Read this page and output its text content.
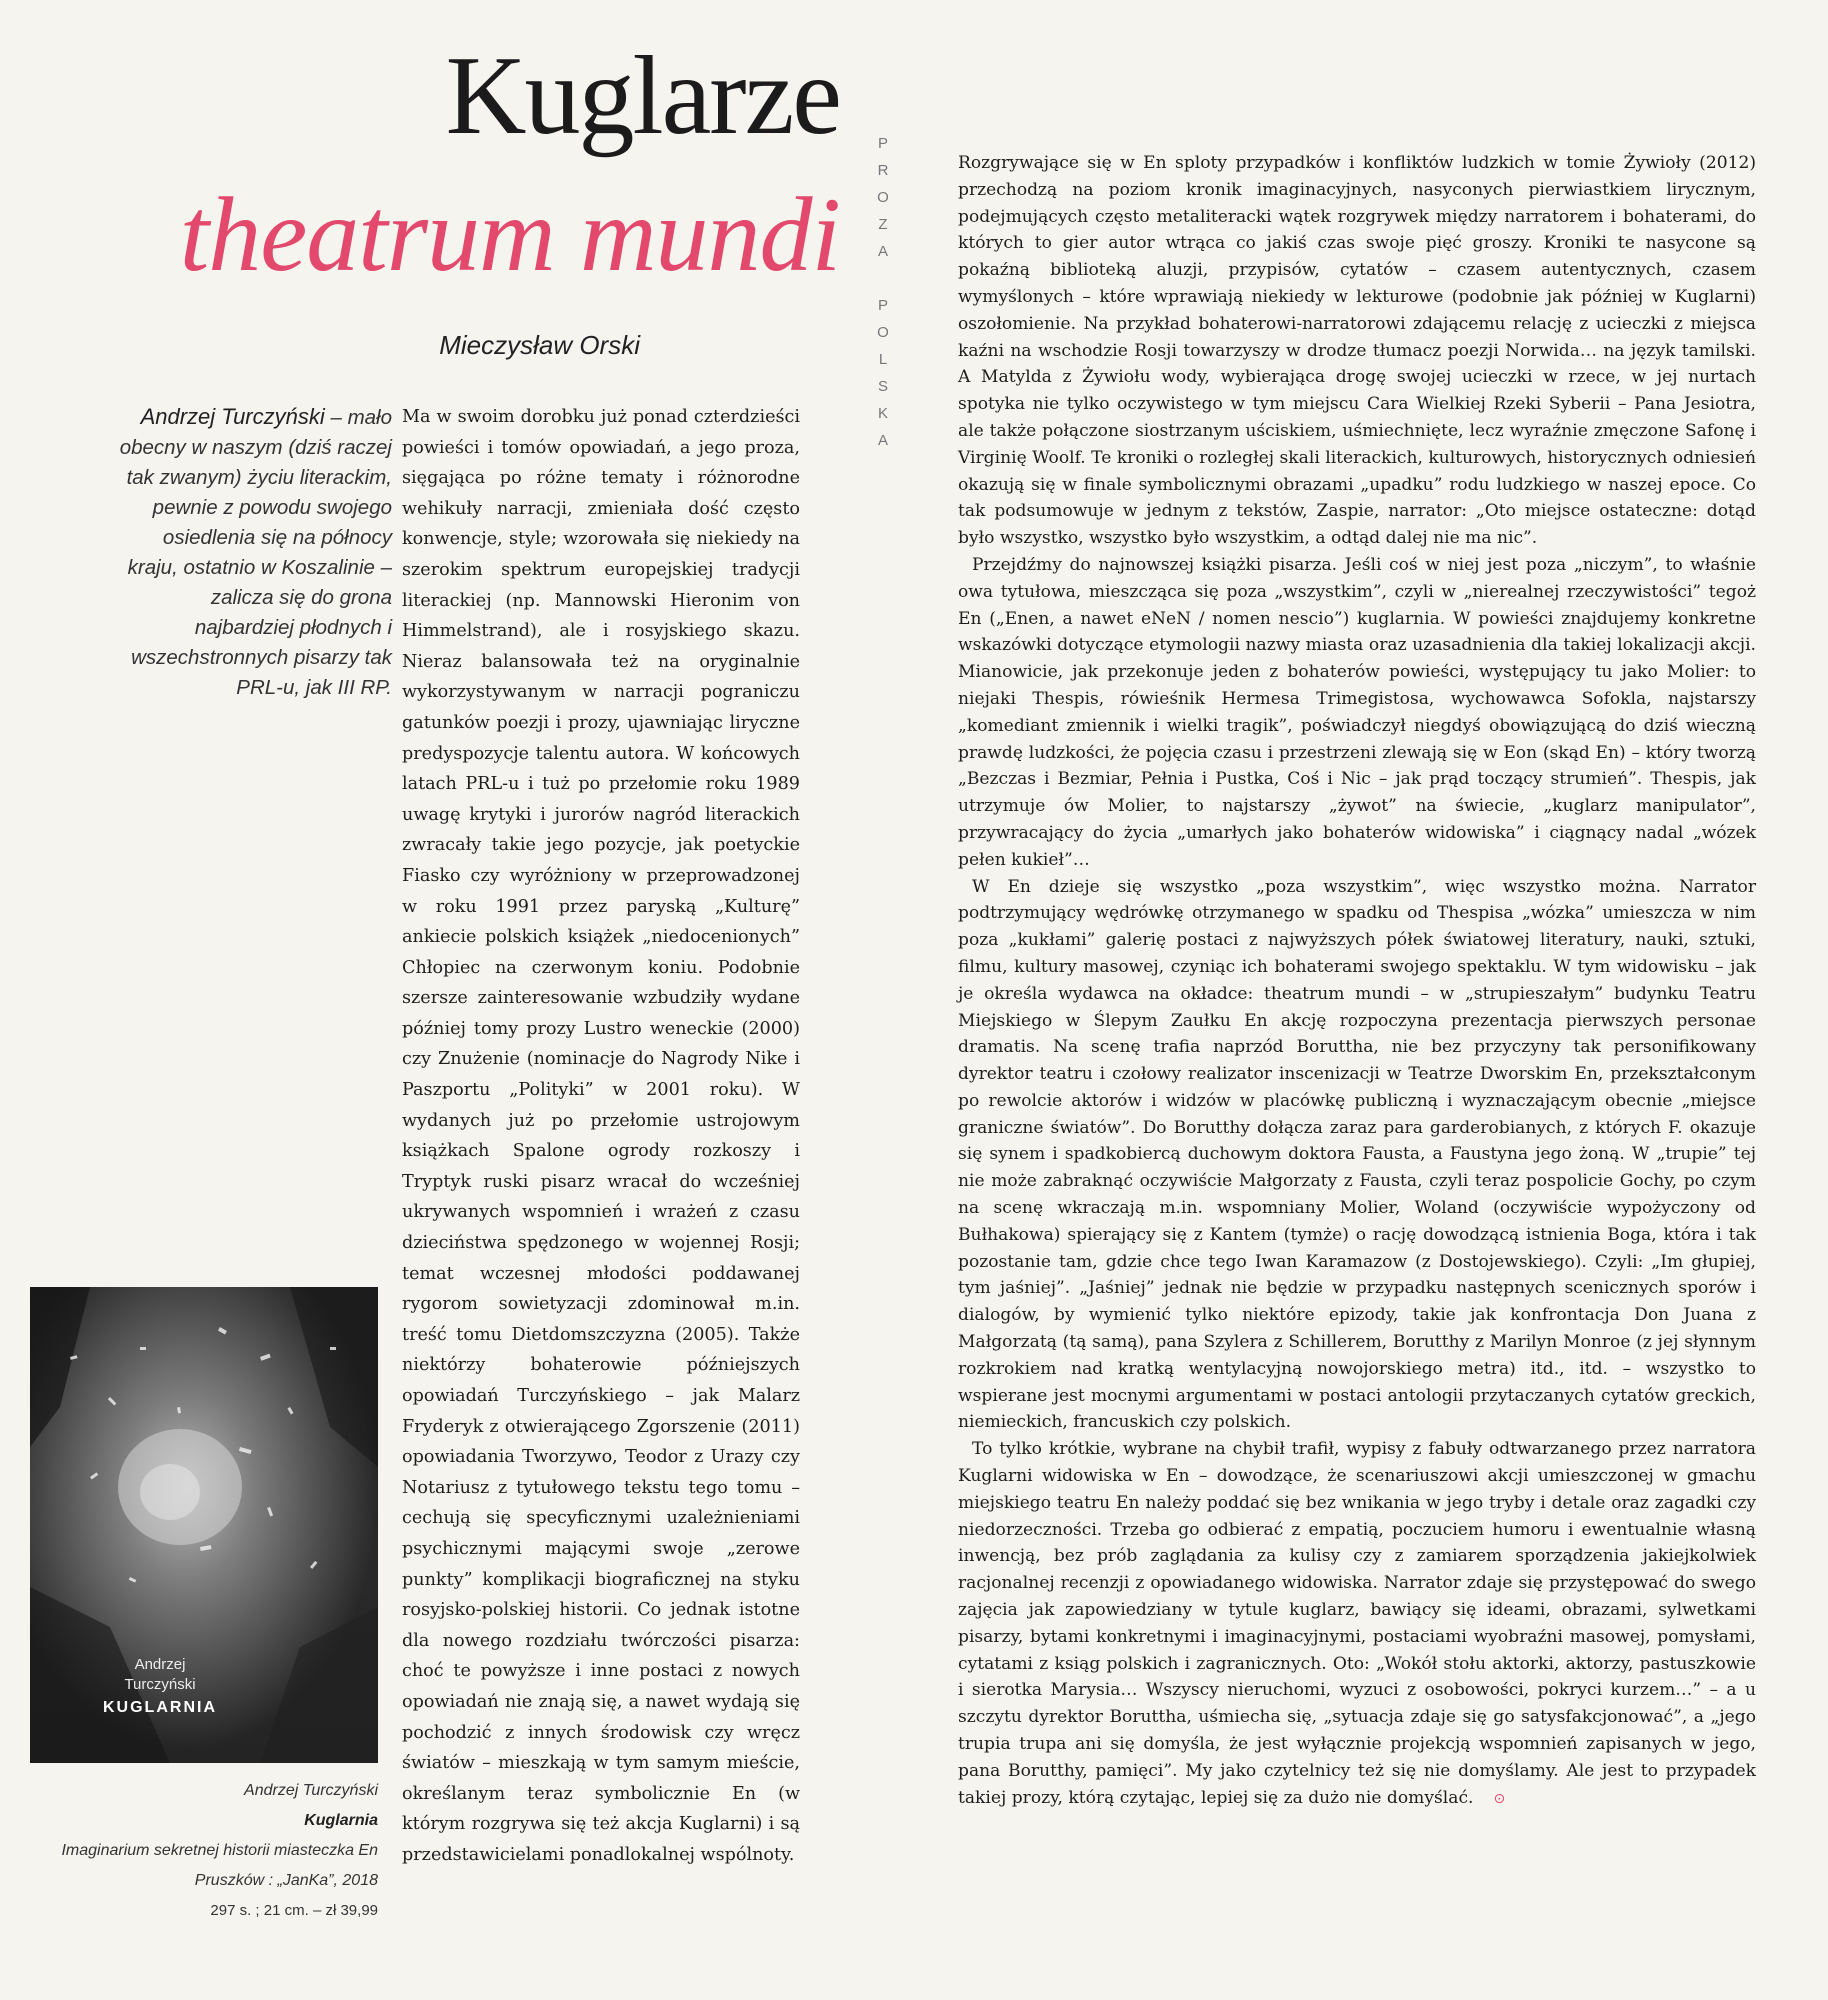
Kuglarze
theatrum mundi
Mieczysław Orski
P
R
O
Z
A

P
O
L
S
K
A
Andrzej Turczyński – mało obecny w naszym (dziś raczej tak zwanym) życiu literackim, pewnie z powodu swojego osiedlenia się na północy kraju, ostatnio w Koszalinie – zalicza się do grona najbardziej płodnych i wszechstronnych pisarzy tak PRL-u, jak III RP.

Ma w swoim dorobku już ponad czterdzieści powieści i tomów opowiadań, a jego proza, sięgająca po różne tematy i różnorodne wehikuły narracji, zmieniała dość często konwencje, style; wzorowała się niekiedy na szerokim spektrum europejskiej tradycji literackiej (np. Mannowski Hieronim von Himmelstrand), ale i rosyjskiego skazu. Nieraz balansowała też na oryginalnie wykorzystywanym w narracji pograniczu gatunków poezji i prozy, ujawniając liryczne predyspozycje talentu autora. W końcowych latach PRL-u i tuż po przełomie roku 1989 uwagę krytyki i jurorów nagród literackich zwracały takie jego pozycje, jak poetyckie Fiasko czy wyróżniony w przeprowadzonej w roku 1991 przez paryską „Kulturę” ankiecie polskich książek „niedocenionych” Chłopiec na czerwonym koniu. Podobnie szersze zainteresowanie wzbudziły wydane później tomy prozy Lustro weneckie (2000) czy Znużenie (nominacje do Nagrody Nike i Paszportu „Polityki” w 2001 roku). W wydanych już po przełomie ustrojowym książkach Spalone ogrody rozkoszy i Tryptyk ruski pisarz wracał do wcześniej ukrywanych wspomnień i wrażeń z czasu dzieciństwa spędzonego w wojennej Rosji; temat wczesnej młodości poddawanej rygorom sowietyzacji zdominował m.in. treść tomu Dietdomszczyzna (2005). Także niektórzy bohaterowie późniejszych opowiadań Turczyńskiego – jak Malarz Fryderyk z otwierającego Zgorszenie (2011) opowiadania Tworzywo, Teodor z Urazy czy Notariusz z tytułowego tekstu tego tomu – cechują się specyficznymi uzależnieniami psychicznymi mającymi swoje „zerowe punkty” komplikacji biograficznej na styku rosyjsko-polskiej historii. Co jednak istotne dla nowego rozdziału twórczości pisarza: choć te powyższe i inne postaci z nowych opowiadań nie znają się, a nawet wydają się pochodzić z innych środowisk czy wręcz światów – mieszkają w tym samym mieście, określanym teraz symbolicznie En (w którym rozgrywa się też akcja Kuglarni) i są przedstawicielami ponadlokalnej wspólnoty.

Rozgrywające się w En sploty przypadków i konfliktów ludzkich w tomie Żywioły (2012) przechodzą na poziom kronik imaginacyjnych, nasyconych pierwiastkiem lirycznym, podejmujących często metaliteracki wątek rozgrywek między narratorem i bohaterami, do których to gier autor wtrąca co jakiś czas swoje pięć groszy. Kroniki te nasycone są pokaźną biblioteką aluzji, przypisów, cytatów – czasem autentycznych, czasem wymyślonych – które wprawiają niekiedy w lekturowe (podobnie jak później w Kuglarni) oszołomienie. Na przykład bohaterowi-narratorowi zdającemu relację z ucieczki z miejsca kaźni na wschodzie Rosji towarzyszy w drodze tłumacz poezji Norwida… na język tamilski. A Matylda z Żywiołu wody, wybierająca drogę swojej ucieczki w rzece, w jej nurtach spotyka nie tylko oczywistego w tym miejscu Cara Wielkiej Rzeki Syberii – Pana Jesiotra, ale także połączone siostrzanym uściskiem, uśmiechnięte, lecz wyraźnie zmęczone Safonę i Virginię Woolf. Te kroniki o rozległej skali literackich, kulturowych, historycznych odniesień okazują się w finale symbolicznymi obrazami „upadku” rodu ludzkiego w naszej epoce. Co tak podsumowuje w jednym z tekstów, Zaspie, narrator: „Oto miejsce ostateczne: dotąd było wszystko, wszystko było wszystkim, a odtąd dalej nie ma nic”.

Przejdźmy do najnowszej książki pisarza. Jeśli coś w niej jest poza „niczym”, to właśnie owa tytułowa, mieszcząca się poza „wszystkim”, czyli w „nierealnej rzeczywistości” tegoż En („Enen, a nawet eNeN / nomen nescio”) kuglarnia. W powieści znajdujemy konkretne wskazówki dotyczące etymologii nazwy miasta oraz uzasadnienia dla takiej lokalizacji akcji. Mianowicie, jak przekonuje jeden z bohaterów powieści, występujący tu jako Molier: to niejaki Thespis, rówieśnik Hermesa Trimegistosa, wychowawca Sofokla, najstarszy „komediant zmiennik i wielki tragik”, poświadczył niegdyś obowiązującą do dziś wieczną prawdę ludzkości, że pojęcia czasu i przestrzeni zlewają się w Eon (skąd En) – który tworzą „Bezczas i Bezmiar, Pełnia i Pustka, Coś i Nic – jak prąd toczący strumień”. Thespis, jak utrzymuje ów Molier, to najstarszy „żywot” na świecie, „kuglarz manipulator”, przywracający do życia „umarłych jako bohaterów widowiska” i ciągnący nadal „wózek pełen kukieł”…

W En dzieje się wszystko „poza wszystkim”, więc wszystko można. Narrator podtrzymujący wędrówkę otrzymanego w spadku od Thespisa „wózka” umieszcza w nim poza „kukłami” galerię postaci z najwyższych półek światowej literatury, nauki, sztuki, filmu, kultury masowej, czyniąc ich bohaterami swojego spektaklu. W tym widowisku – jak je określa wydawca na okładce: theatrum mundi – w „strupieszałym” budynku Teatru Miejskiego w Ślepym Zaułku En akcję rozpoczyna prezentacja pierwszych personae dramatis. Na scenę trafia naprzód Boruttha, nie bez przyczyny tak personifikowany dyrektor teatru i czołowy realizator inscenizacji w Teatrze Dworskim En, przekształconym po rewolcie aktorów i widzów w placówkę publiczną i wyznaczającym obecnie „miejsce graniczne światów”. Do Borutthy dołącza zaraz para garderobianych, z których F. okazuje się synem i spadkobiercą duchowym doktora Fausta, a Faustyna jego żoną. W „trupie” tej nie może zabraknąć oczywiście Małgorzaty z Fausta, czyli teraz pospolicie Gochy, po czym na scenę wkraczają m.in. wspomniany Molier, Woland (oczywiście wypożyczony od Bułhakowa) spierający się z Kantem (tymże) o rację dowodzącą istnienia Boga, która i tak pozostanie tam, gdzie chce tego Iwan Karamazow (z Dostojewskiego). Czyli: „Im głupiej, tym jaśniej”. „Jaśniej” jednak nie będzie w przypadku następnych scenicznych sporów i dialogów, by wymienić tylko niektóre epizody, takie jak konfrontacja Don Juana z Małgorzatą (tą samą), pana Szylera z Schillerem, Borutthy z Marilyn Monroe (z jej słynnym rozkrokiem nad kratką wentylacyjną nowojorskiego metra) itd., itd. – wszystko to wspierane jest mocnymi argumentami w postaci antologii przytaczanych cytatów greckich, niemieckich, francuskich czy polskich.

To tylko krótkie, wybrane na chybił trafił, wypisy z fabuły odtwarzanego przez narratora Kuglarni widowiska w En – dowodzące, że scenariuszowi akcji umieszczonej w gmachu miejskiego teatru En należy poddać się bez wnikania w jego tryby i detale oraz zagadki czy niedorzeczności. Trzeba go odbierać z empatią, poczuciem humoru i ewentualnie własną inwencją, bez prób zaglądania za kulisy czy z zamiarem sporządzenia jakiejkolwiek racjonalnej recenzji z opowiadanego widowiska. Narrator zdaje się przystępować do swego zajęcia jak zapowiedziany w tytule kuglarz, bawiący się ideami, obrazami, sylwetkami pisarzy, bytami konkretnymi i imaginacyjnymi, postaciami wyobraźni masowej, pomysłami, cytatami z ksiąg polskich i zagranicznych. Oto: „Wokół stołu aktorki, aktorzy, pastuszkowie i sierotka Marysia… Wszyscy nieruchomi, wyzuci z osobowości, pokryci kurzem…” – a u szczytu dyrektor Boruttha, uśmiecha się, „sytuacja zdaje się go satysfakcjonować”, a „jego trupia trupa ani się domyśla, że jest wyłącznie projekcją wspomnień zapisanych w jego, pana Borutthy, pamięci”. My jako czytelnicy też się nie domyślamy. Ale jest to przypadek takiej prozy, którą czytając, lepiej się za dużo nie domyślać. ⊙

Andrzej
Turczyński
KUGLARNIA
Andrzej Turczyński
Kuglarnia
Imaginarium sekretnej historii miasteczka En
Pruszków : „JanKa”, 2018
297 s. ; 21 cm. – zł 39,99
